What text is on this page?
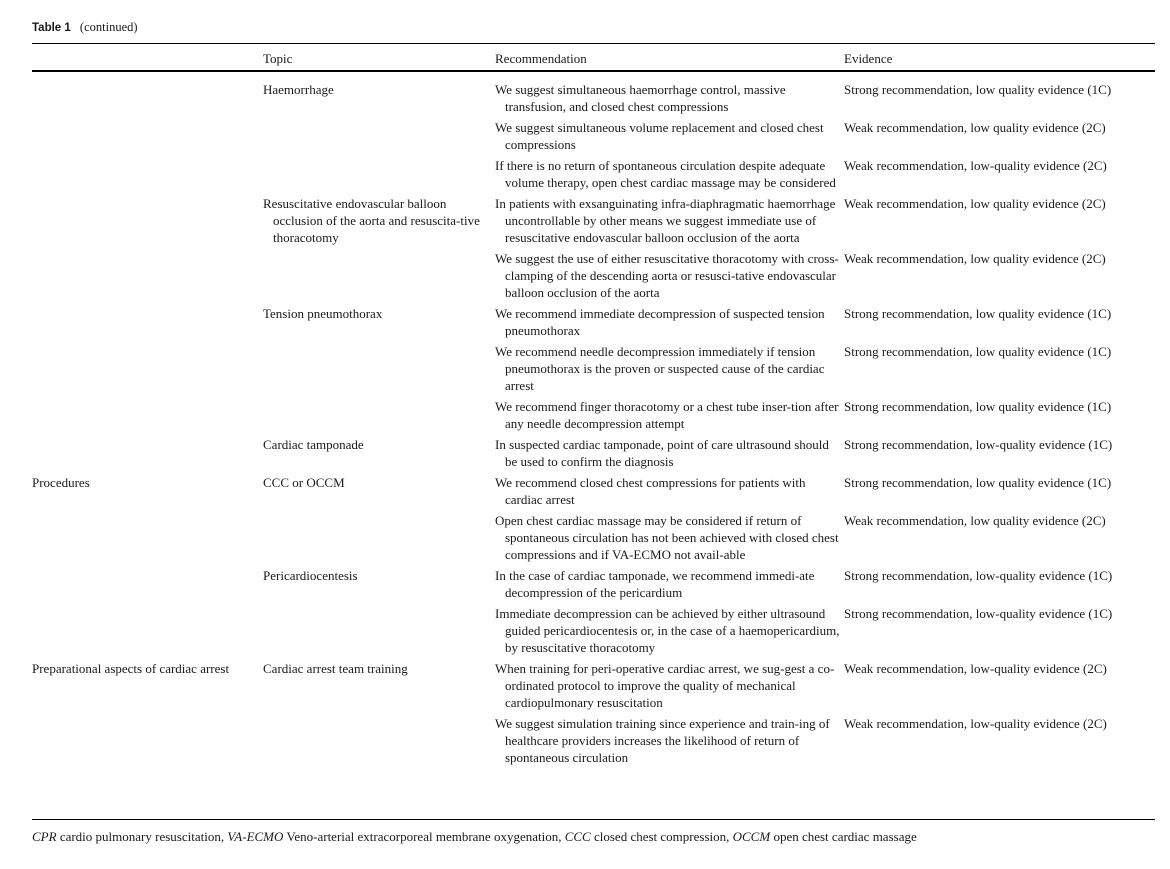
Table 1 (continued)
	Topic	Recommendation	Evidence
	Haemorrhage	We suggest simultaneous haemorrhage control, massive transfusion, and closed chest compressions	Strong recommendation, low quality evidence (1C)
		We suggest simultaneous volume replacement and closed chest compressions	Weak recommendation, low quality evidence (2C)
		If there is no return of spontaneous circulation despite adequate volume therapy, open chest cardiac massage may be considered	Weak recommendation, low-quality evidence (2C)
	Resuscitative endovascular balloon occlusion of the aorta and resuscita-tive thoracotomy	In patients with exsanguinating infra-diaphragmatic haemorrhage uncontrollable by other means we suggest immediate use of resuscitative endovascular balloon occlusion of the aorta	Weak recommendation, low quality evidence (2C)
		We suggest the use of either resuscitative thoracotomy with cross-clamping of the descending aorta or resusci-tative endovascular balloon occlusion of the aorta	Weak recommendation, low quality evidence (2C)
	Tension pneumothorax	We recommend immediate decompression of suspected tension pneumothorax	Strong recommendation, low quality evidence (1C)
		We recommend needle decompression immediately if tension pneumothorax is the proven or suspected cause of the cardiac arrest	Strong recommendation, low quality evidence (1C)
		We recommend finger thoracotomy or a chest tube inser-tion after any needle decompression attempt	Strong recommendation, low quality evidence (1C)
	Cardiac tamponade	In suspected cardiac tamponade, point of care ultrasound should be used to confirm the diagnosis	Strong recommendation, low-quality evidence (1C)
Procedures	CCC or OCCM	We recommend closed chest compressions for patients with cardiac arrest	Strong recommendation, low quality evidence (1C)
		Open chest cardiac massage may be considered if return of spontaneous circulation has not been achieved with closed chest compressions and if VA-ECMO not avail-able	Weak recommendation, low quality evidence (2C)
	Pericardiocentesis	In the case of cardiac tamponade, we recommend immedi-ate decompression of the pericardium	Strong recommendation, low-quality evidence (1C)
		Immediate decompression can be achieved by either ultrasound guided pericardiocentesis or, in the case of a haemopericardium, by resuscitative thoracotomy	Strong recommendation, low-quality evidence (1C)
Preparational aspects of cardiac arrest	Cardiac arrest team training	When training for peri-operative cardiac arrest, we sug-gest a co-ordinated protocol to improve the quality of mechanical cardiopulmonary resuscitation	Weak recommendation, low-quality evidence (2C)
		We suggest simulation training since experience and train-ing of healthcare providers increases the likelihood of return of spontaneous circulation	Weak recommendation, low-quality evidence (2C)
CPR cardio pulmonary resuscitation, VA-ECMO Veno-arterial extracorporeal membrane oxygenation, CCC closed chest compression, OCCM open chest cardiac massage
